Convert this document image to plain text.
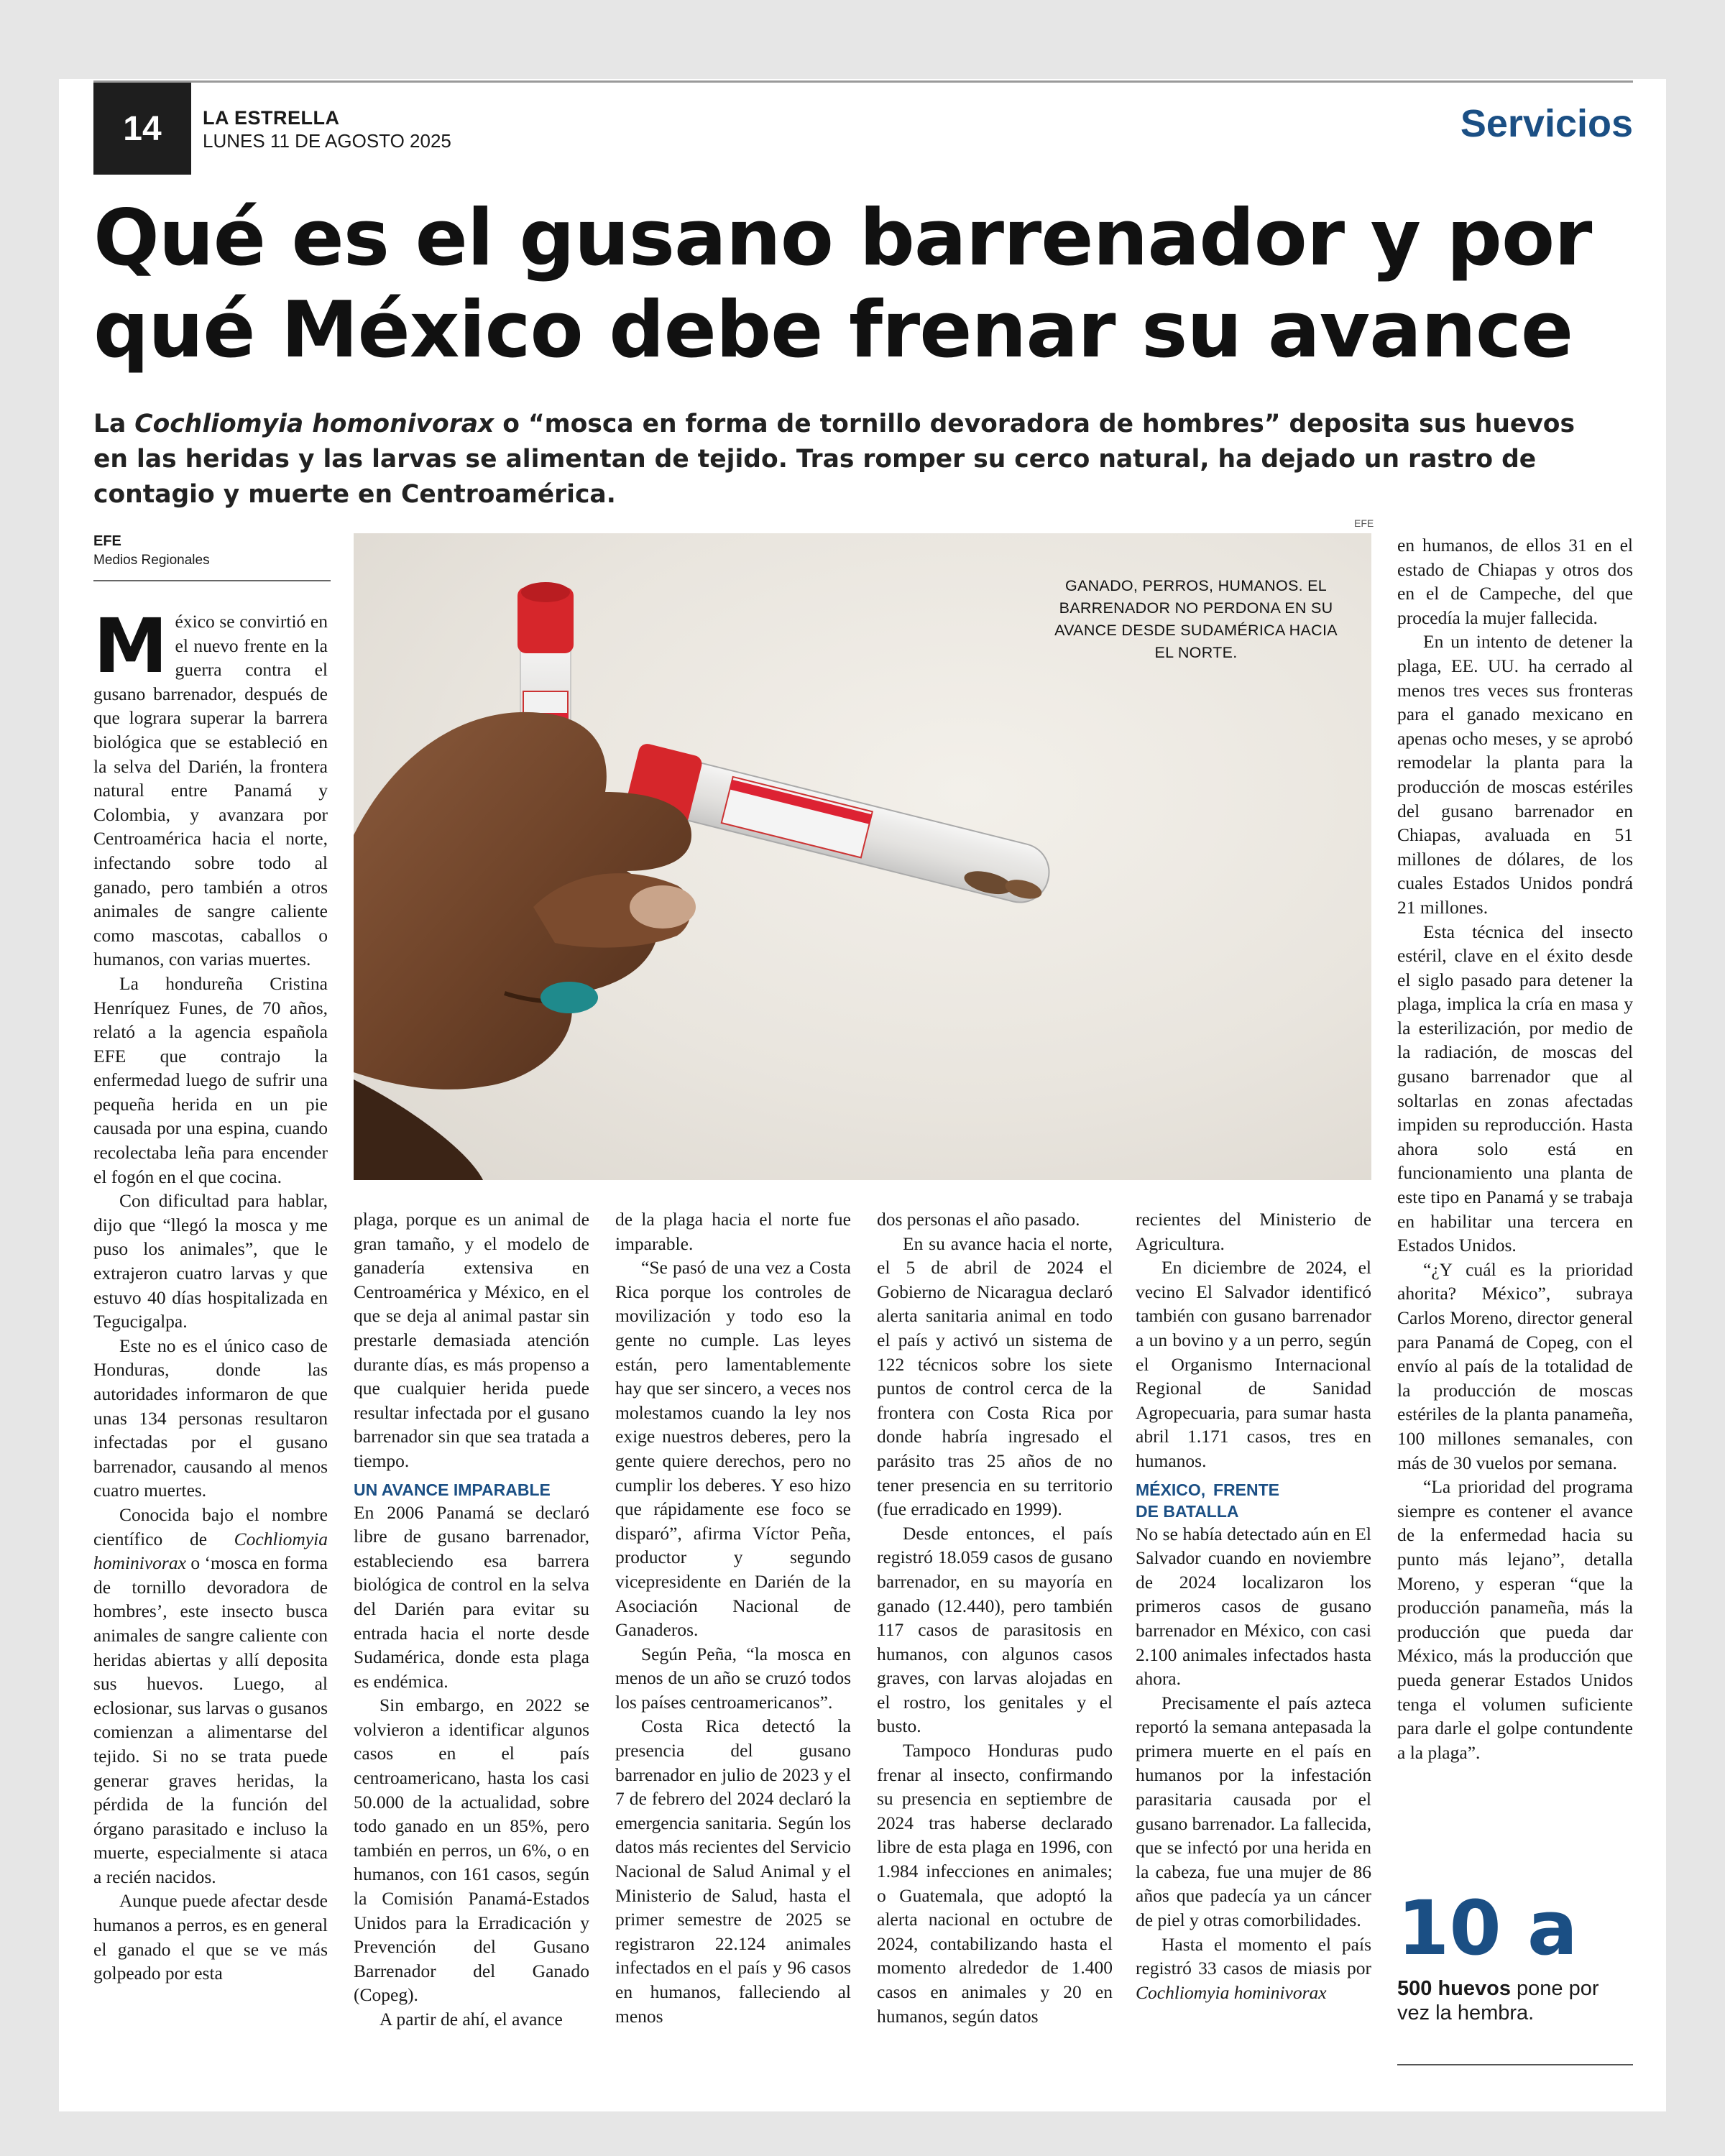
14	LA ESTRELLA
LUNES 11 DE AGOSTO 2025	Servicios
Qué es el gusano barrenador y por qué México debe frenar su avance
La Cochliomyia homonivorax o “mosca en forma de tornillo devoradora de hombres” deposita sus huevos en las heridas y las larvas se alimentan de tejido. Tras romper su cerco natural, ha dejado un rastro de contagio y muerte en Centroamérica.
EFE
Medios Regionales
EFE
GANADO, PERROS, HUMANOS. EL BARRENADOR NO PERDONA EN SU AVANCE DESDE SUDAMÉRICA HACIA EL NORTE.

México se convirtió en el nuevo frente en la guerra contra el gusano barrenador, después de que lograra superar la barrera biológica que se estableció en la selva del Darién, la frontera natural entre Panamá y Colombia, y avanzara por Centroamérica hacia el norte, infectando sobre todo al ganado, pero también a otros animales de sangre caliente como mascotas, caballos o humanos, con varias muertes.

La hondureña Cristina Henríquez Funes, de 70 años, relató a la agencia española EFE que contrajo la enfermedad luego de sufrir una pequeña herida en un pie causada por una espina, cuando recolectaba leña para encender el fogón en el que cocina.

Con dificultad para hablar, dijo que “llegó la mosca y me puso los animales”, que le extrajeron cuatro larvas y que estuvo 40 días hospitalizada en Tegucigalpa.

Este no es el único caso de Honduras, donde las autoridades informaron de que unas 134 personas resultaron infectadas por el gusano barrenador, causando al menos cuatro muertes.

Conocida bajo el nombre científico de Cochliomyia hominivorax o ‘mosca en forma de tornillo devoradora de hombres’, este insecto busca animales de sangre caliente con heridas abiertas y allí deposita sus huevos. Luego, al eclosionar, sus larvas o gusanos comienzan a alimentarse del tejido. Si no se trata puede generar graves heridas, la pérdida de la función del órgano parasitado e incluso la muerte, especialmente si ataca a recién nacidos.

Aunque puede afectar desde humanos a perros, es en general el ganado el que se ve más golpeado por esta

plaga, porque es un animal de gran tamaño, y el modelo de ganadería extensiva en Centroamérica y México, en el que se deja al animal pastar sin prestarle demasiada atención durante días, es más propenso a que cualquier herida puede resultar infectada por el gusano barrenador sin que sea tratada a tiempo.

UN AVANCE IMPARABLE

En 2006 Panamá se declaró libre de gusano barrenador, estableciendo esa barrera biológica de control en la selva del Darién para evitar su entrada hacia el norte desde Sudamérica, donde esta plaga es endémica.

Sin embargo, en 2022 se volvieron a identificar algunos casos en el país centroamericano, hasta los casi 50.000 de la actualidad, sobre todo ganado en un 85%, pero también en perros, un 6%, o en humanos, con 161 casos, según la Comisión Panamá-Estados Unidos para la Erradicación y Prevención del Gusano Barrenador del Ganado (Copeg).

A partir de ahí, el avance

de la plaga hacia el norte fue imparable.

“Se pasó de una vez a Costa Rica porque los controles de movilización y todo eso la gente no cumple. Las leyes están, pero lamentablemente hay que ser sincero, a veces nos molestamos cuando la ley nos exige nuestros deberes, pero la gente quiere derechos, pero no cumplir los deberes. Y eso hizo que rápidamente ese foco se disparó”, afirma Víctor Peña, productor y segundo vicepresidente en Darién de la Asociación Nacional de Ganaderos.

Según Peña, “la mosca en menos de un año se cruzó todos los países centroamericanos”.

Costa Rica detectó la presencia del gusano barrenador en julio de 2023 y el 7 de febrero del 2024 declaró la emergencia sanitaria. Según los datos más recientes del Servicio Nacional de Salud Animal y el Ministerio de Salud, hasta el primer semestre de 2025 se registraron 22.124 animales infectados en el país y 96 casos en humanos, falleciendo al menos

dos personas el año pasado.

En su avance hacia el norte, el 5 de abril de 2024 el Gobierno de Nicaragua declaró alerta sanitaria animal en todo el país y activó un sistema de 122 técnicos sobre los siete puntos de control cerca de la frontera con Costa Rica por donde habría ingresado el parásito tras 25 años de no tener presencia en su territorio (fue erradicado en 1999).

Desde entonces, el país registró 18.059 casos de gusano barrenador, en su mayoría en ganado (12.440), pero también 117 casos de parasitosis en humanos, con algunos casos graves, con larvas alojadas en el rostro, los genitales y el busto.

Tampoco Honduras pudo frenar al insecto, confirmando su presencia en septiembre de 2024 tras haberse declarado libre de esta plaga en 1996, con 1.984 infecciones en animales; o Guatemala, que adoptó la alerta nacional en octubre de 2024, contabilizando hasta el momento alrededor de 1.400 casos en animales y 20 en humanos, según datos

recientes del Ministerio de Agricultura.

En diciembre de 2024, el vecino El Salvador identificó también con gusano barrenador a un bovino y a un perro, según el Organismo Internacional Regional de Sanidad Agropecuaria, para sumar hasta abril 1.171 casos, tres en humanos.

MÉXICO, FRENTE DE BATALLA

No se había detectado aún en El Salvador cuando en noviembre de 2024 localizaron los primeros casos de gusano barrenador en México, con casi 2.100 animales infectados hasta ahora.

Precisamente el país azteca reportó la semana antepasada la primera muerte en el país en humanos por la infestación parasitaria causada por el gusano barrenador. La fallecida, que se infectó por una herida en la cabeza, fue una mujer de 86 años que padecía ya un cáncer de piel y otras comorbilidades.

Hasta el momento el país registró 33 casos de miasis por Cochliomyia hominivorax

en humanos, de ellos 31 en el estado de Chiapas y otros dos en el de Campeche, del que procedía la mujer fallecida.

En un intento de detener la plaga, EE. UU. ha cerrado al menos tres veces sus fronteras para el ganado mexicano en apenas ocho meses, y se aprobó remodelar la planta para la producción de moscas estériles del gusano barrenador en Chiapas, avaluada en 51 millones de dólares, de los cuales Estados Unidos pondrá 21 millones.

Esta técnica del insecto estéril, clave en el éxito desde el siglo pasado para detener la plaga, implica la cría en masa y la esterilización, por medio de la radiación, de moscas del gusano barrenador que al soltarlas en zonas afectadas impiden su reproducción. Hasta ahora solo está en funcionamiento una planta de este tipo en Panamá y se trabaja en habilitar una tercera en Estados Unidos.

“¿Y cuál es la prioridad ahorita? México”, subraya Carlos Moreno, director general para Panamá de Copeg, con el envío al país de la totalidad de la producción de moscas estériles de la planta panameña, 100 millones semanales, con más de 30 vuelos por semana.

“La prioridad del programa siempre es contener el avance de la enfermedad hacia su punto más lejano”, detalla Moreno, y esperan “que la producción panameña, más la producción que pueda dar México, más la producción que pueda generar Estados Unidos tenga el volumen suficiente para darle el golpe contundente a la plaga”.

10 a
500 huevos pone por vez la hembra.
